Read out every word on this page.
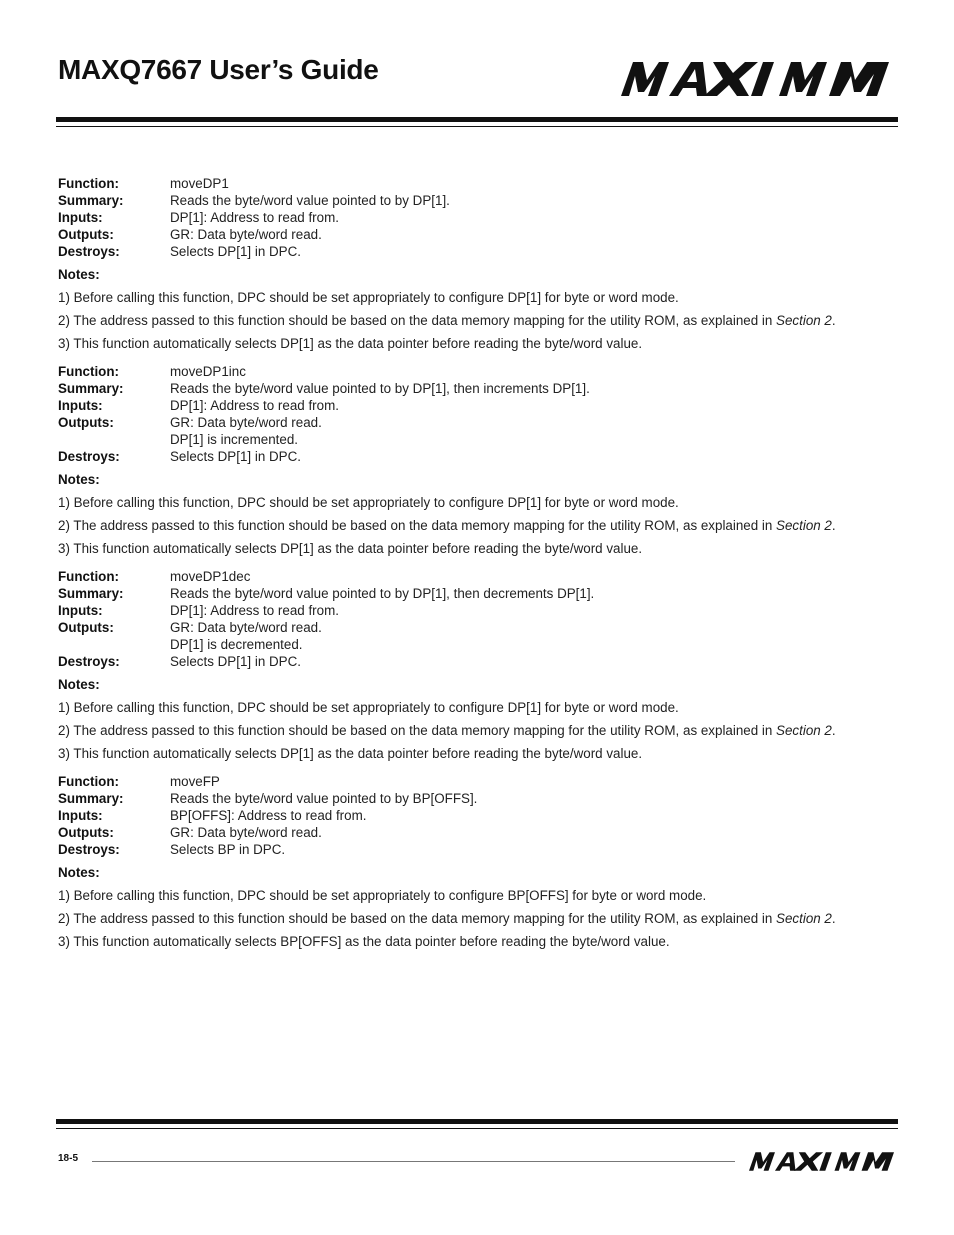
MAXQ7667 User’s Guide
Function:	moveDP1
Summary:	Reads the byte/word value pointed to by DP[1].
Inputs:	DP[1]: Address to read from.
Outputs:	GR: Data byte/word read.
Destroys:	Selects DP[1] in DPC.
Notes:
1) Before calling this function, DPC should be set appropriately to configure DP[1] for byte or word mode.
2) The address passed to this function should be based on the data memory mapping for the utility ROM, as explained in Section 2.
3) This function automatically selects DP[1] as the data pointer before reading the byte/word value.
Function:	moveDP1inc
Summary:	Reads the byte/word value pointed to by DP[1], then increments DP[1].
Inputs:	DP[1]: Address to read from.
Outputs:	GR: Data byte/word read.
DP[1] is incremented.
Destroys:	Selects DP[1] in DPC.
Notes:
1) Before calling this function, DPC should be set appropriately to configure DP[1] for byte or word mode.
2) The address passed to this function should be based on the data memory mapping for the utility ROM, as explained in Section 2.
3) This function automatically selects DP[1] as the data pointer before reading the byte/word value.
Function:	moveDP1dec
Summary:	Reads the byte/word value pointed to by DP[1], then decrements DP[1].
Inputs:	DP[1]: Address to read from.
Outputs:	GR: Data byte/word read.
DP[1] is decremented.
Destroys:	Selects DP[1] in DPC.
Notes:
1) Before calling this function, DPC should be set appropriately to configure DP[1] for byte or word mode.
2) The address passed to this function should be based on the data memory mapping for the utility ROM, as explained in Section 2.
3) This function automatically selects DP[1] as the data pointer before reading the byte/word value.
Function:	moveFP
Summary:	Reads the byte/word value pointed to by BP[OFFS].
Inputs:	BP[OFFS]: Address to read from.
Outputs:	GR: Data byte/word read.
Destroys:	Selects BP in DPC.
Notes:
1) Before calling this function, DPC should be set appropriately to configure BP[OFFS] for byte or word mode.
2) The address passed to this function should be based on the data memory mapping for the utility ROM, as explained in Section 2.
3) This function automatically selects BP[OFFS] as the data pointer before reading the byte/word value.
18-5
